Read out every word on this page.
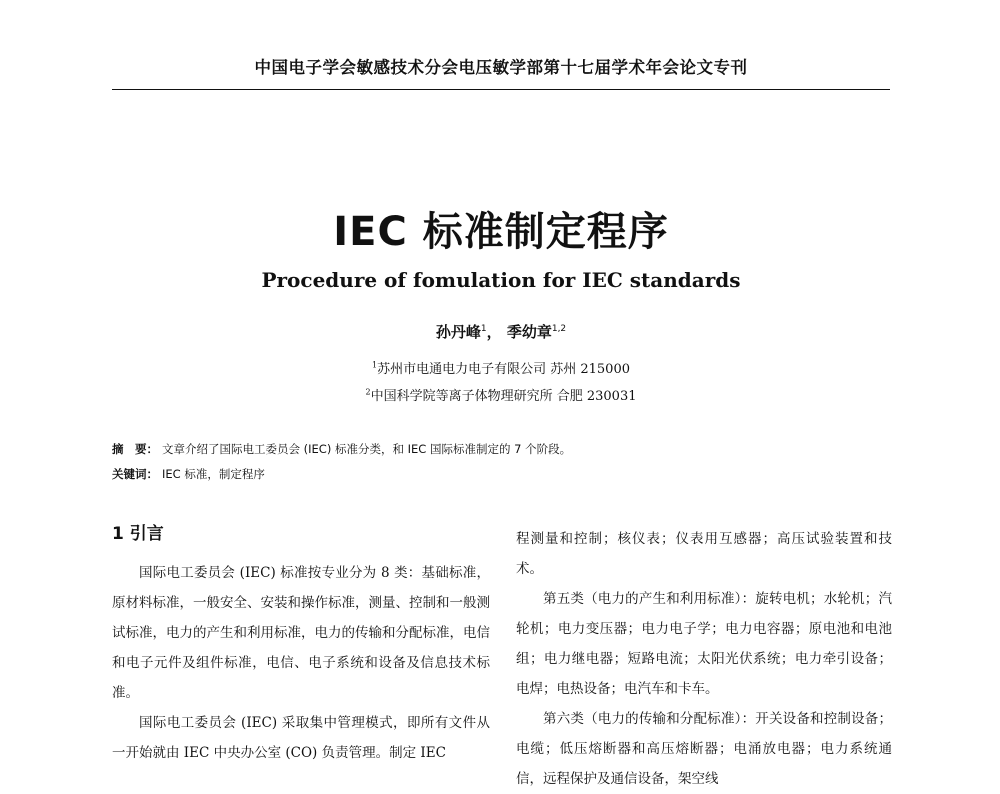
中国电子学会敏感技术分会电压敏学部第十七届学术年会论文专刊
IEC 标准制定程序
Procedure of fomulation for IEC standards
孙丹峰$^1$， 季幼章$^{1,2}$
$^1$苏州市电通电力电子有限公司 苏州 215000
$^2$中国科学院等离子体物理研究所 合肥 230031
摘　要： 文章介绍了国际电工委员会 (IEC) 标准分类，和 IEC 国际标准制定的 7 个阶段。
关键词： IEC 标准，制定程序
1 引言

国际电工委员会 (IEC) 标准按专业分为 8 类：基础标准，原材料标准，一般安全、安装和操作标准，测量、控制和一般测试标准，电力的产生和利用标准，电力的传输和分配标准，电信和电子元件及组件标准，电信、电子系统和设备及信息技术标准。

国际电工委员会 (IEC) 采取集中管理模式，即所有文件从一开始就由 IEC 中央办公室 (CO) 负责管理。制定 IEC

程测量和控制；核仪表；仪表用互感器；高压试验装置和技术。

第五类（电力的产生和利用标准）：旋转电机；水轮机；汽轮机；电力变压器；电力电子学；电力电容器；原电池和电池组；电力继电器；短路电流；太阳光伏系统；电力牵引设备；电焊；电热设备；电汽车和卡车。

第六类（电力的传输和分配标准）：开关设备和控制设备；电缆；低压熔断器和高压熔断器；电涌放电器；电力系统通信，远程保护及通信设备，架空线
